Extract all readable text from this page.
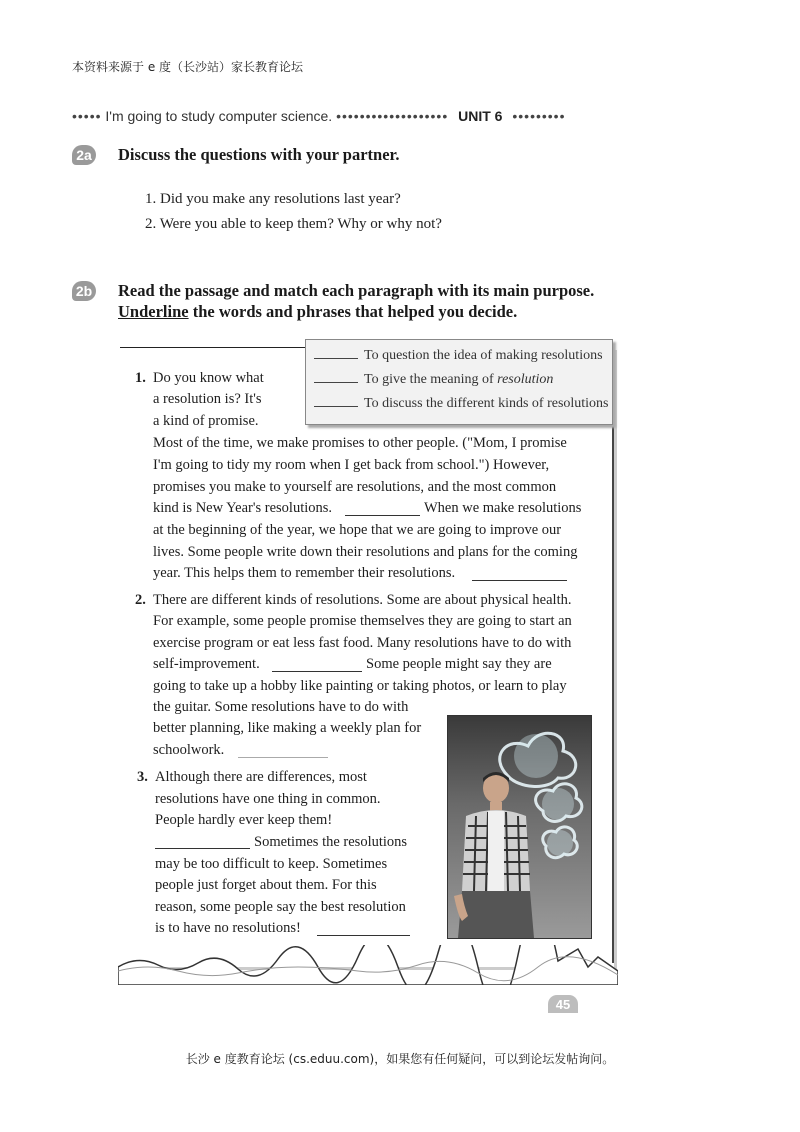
本资料来源于 e 度（长沙站）家长教育论坛
••••• I'm going to study computer science. ••••••••••••••••••• UNIT 6 •••••••••
2a Discuss the questions with your partner.
1. Did you make any resolutions last year?
2. Were you able to keep them? Why or why not?
2b Read the passage and match each paragraph with its main purpose.
Underline the words and phrases that helped you decide.
To question the idea of making resolutions
To give the meaning of resolution
To discuss the different kinds of resolutions
1. Do you know what
a resolution is? It's
a kind of promise.
Most of the time, we make promises to other people. ("Mom, I promise
I'm going to tidy my room when I get back from school.") However,
promises you make to yourself are resolutions, and the most common
kind is New Year's resolutions.	When we make resolutions
at the beginning of the year, we hope that we are going to improve our
lives. Some people write down their resolutions and plans for the coming
year. This helps them to remember their resolutions.
2. There are different kinds of resolutions. Some are about physical health.
For example, some people promise themselves they are going to start an
exercise program or eat less fast food. Many resolutions have to do with
self-improvement.	Some people might say they are
going to take up a hobby like painting or taking photos, or learn to play
the guitar. Some resolutions have to do with
better planning, like making a weekly plan for
schoolwork.
3. Although there are differences, most
resolutions have one thing in common.
People hardly ever keep them!
Sometimes the resolutions
may be too difficult to keep. Sometimes
people just forget about them. For this
reason, some people say the best resolution
is to have no resolutions!
45
长沙 e 度教育论坛 (cs.eduu.com)，如果您有任何疑问，可以到论坛发帖询问。
